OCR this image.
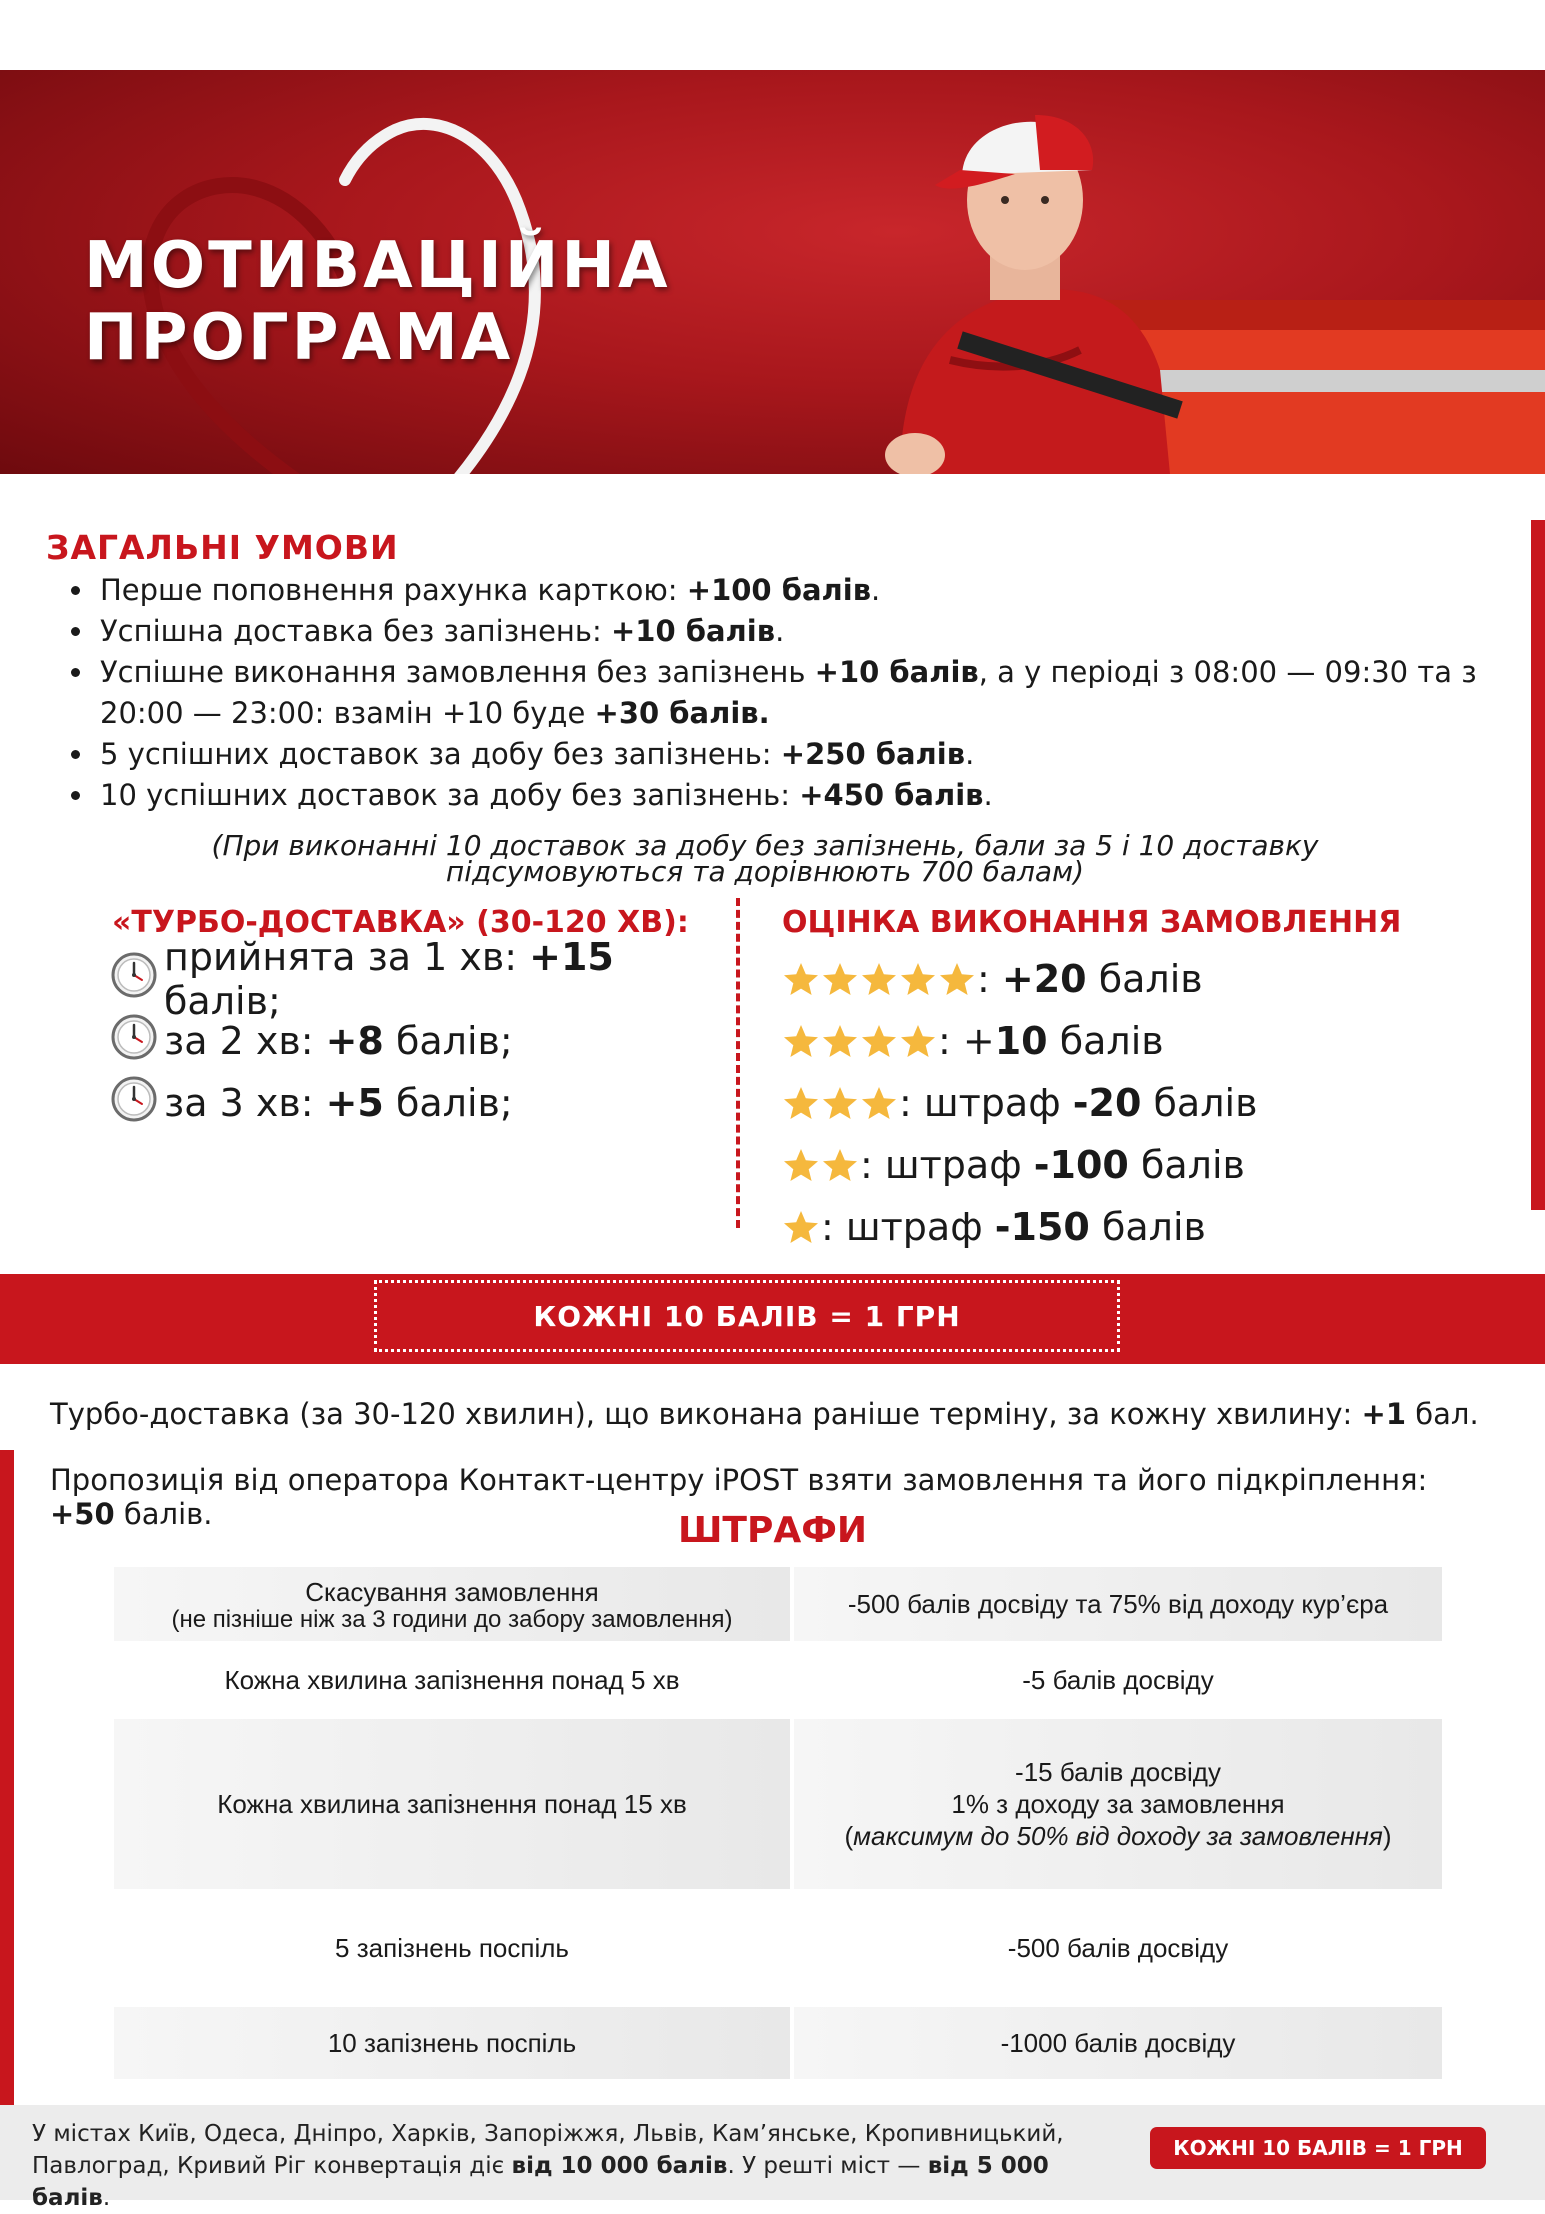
МОТИВАЦІЙНА
ПРОГРАМА
ЗАГАЛЬНІ УМОВИ
• Перше поповнення рахунка карткою: +100 балів.
• Успішна доставка без запізнень: +10 балів.
• Успішне виконання замовлення без запізнень +10 балів, а у періоді з 08:00 — 09:30 та з 20:00 — 23:00: взамін +10 буде +30 балів.
• 5 успішних доставок за добу без запізнень: +250 балів.
• 10 успішних доставок за добу без запізнень: +450 балів.

(При виконанні 10 доставок за добу без запізнень, бали за 5 і 10 доставку
підсумовуються та дорівнюють 700 балам)

«ТУРБО-ДОСТАВКА» (30-120 ХВ):
прийнята за 1 хв: +15 балів;
за 2 хв: +8 балів;
за 3 хв: +5 балів;
ОЦІНКА ВИКОНАННЯ ЗАМОВЛЕННЯ
: +20 балів
: +10 балів
: штраф -20 балів
: штраф -100 балів
: штраф -150 балів
КОЖНІ 10 БАЛІВ = 1 ГРН

Турбо-доставка (за 30-120 хвилин), що виконана раніше терміну, за кожну хвилину: +1 бал.

Пропозиція від оператора Контакт-центру iPOST взяти замовлення та його підкріплення: +50 балів.	ШТРАФИ
Скасування замовлення
(не пізніше ніж за 3 години до забору замовлення)	-500 балів досвіду та 75% від доходу кур’єра

Кожна хвилина запізнення понад 5 хв	-5 балів досвіду

Кожна хвилина запізнення понад 15 хв	-15 балів досвіду
1% з доходу за замовлення
(максимум до 50% від доходу за замовлення)

5 запізнень поспіль	-500 балів досвіду

10 запізнень поспіль	-1000 балів досвіду

У містах Київ, Одеса, Дніпро, Харків, Запоріжжя, Львів, Кам’янське, Кропивницький, Павлоград, Кривий Ріг конвертація діє від 10 000 балів. У решті міст — від 5 000 балів.

КОЖНІ 10 БАЛІВ = 1 ГРН
